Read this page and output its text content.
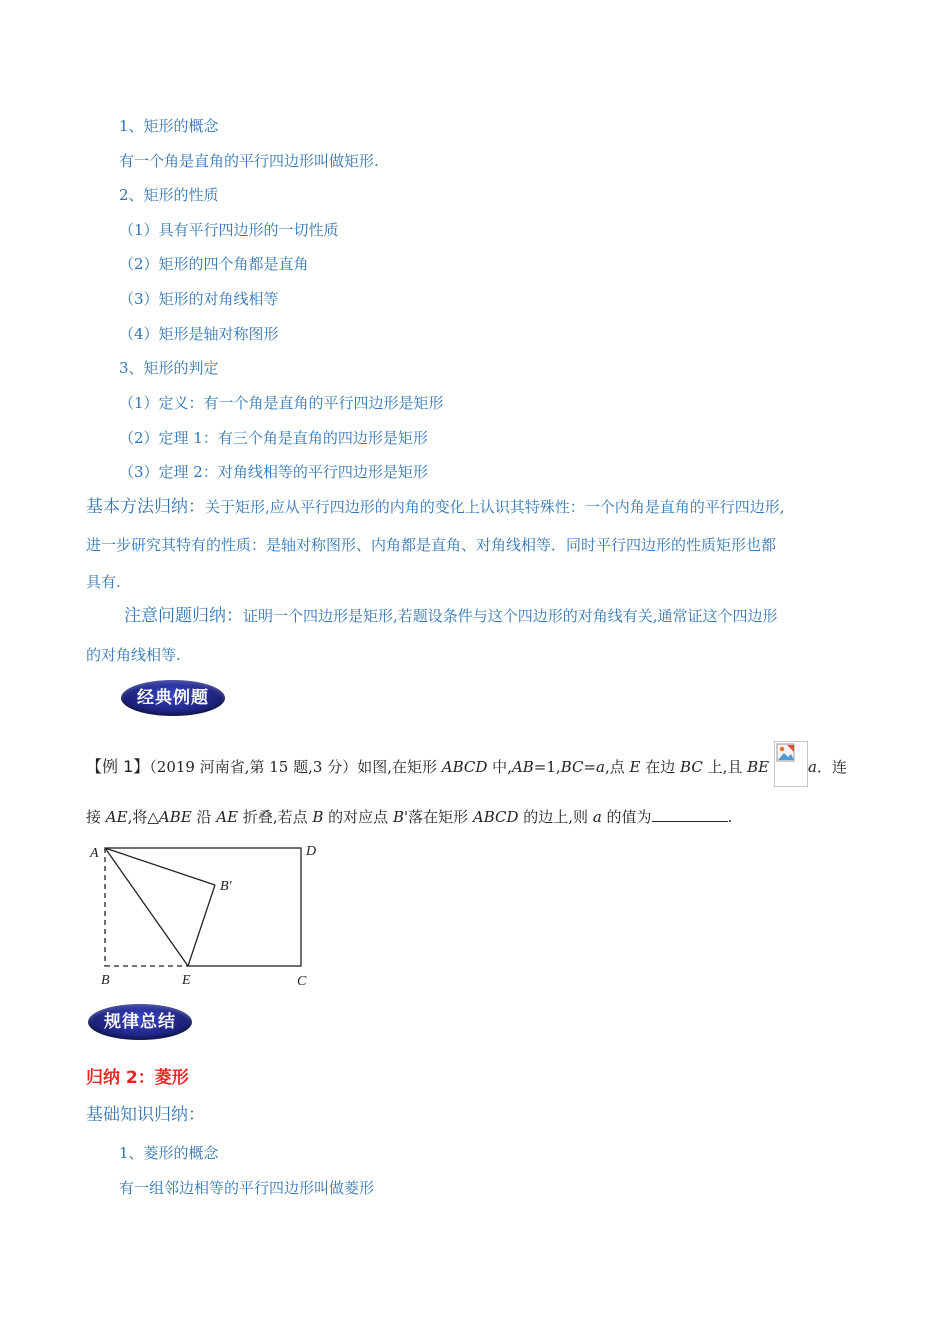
1、矩形的概念
有一个角是直角的平行四边形叫做矩形.
2、矩形的性质
（1）具有平行四边形的一切性质
（2）矩形的四个角都是直角
（3）矩形的对角线相等
（4）矩形是轴对称图形
3、矩形的判定
（1）定义：有一个角是直角的平行四边形是矩形
（2）定理 1：有三个角是直角的四边形是矩形
（3）定理 2：对角线相等的平行四边形是矩形
基本方法归纳：关于矩形,应从平行四边形的内角的变化上认识其特殊性：一个内角是直角的平行四边形,
进一步研究其特有的性质：是轴对称图形、内角都是直角、对角线相等．同时平行四边形的性质矩形也都
具有.
注意问题归纳：证明一个四边形是矩形,若题设条件与这个四边形的对角线有关,通常证这个四边形
的对角线相等.
经典例题
【例 1】（2019 河南省,第 15 题,3 分）如图,在矩形 ABCD 中,AB=1,BC=a,点 E 在边 BC 上,且 BE	a．连
接 AE,将△ABE 沿 AE 折叠,若点 B 的对应点 B'落在矩形 ABCD 的边上,则 a 的值为	.
A	D
B′
B	E	C
规律总结
归纳 2：菱形
基础知识归纳：
1、菱形的概念
有一组邻边相等的平行四边形叫做菱形
